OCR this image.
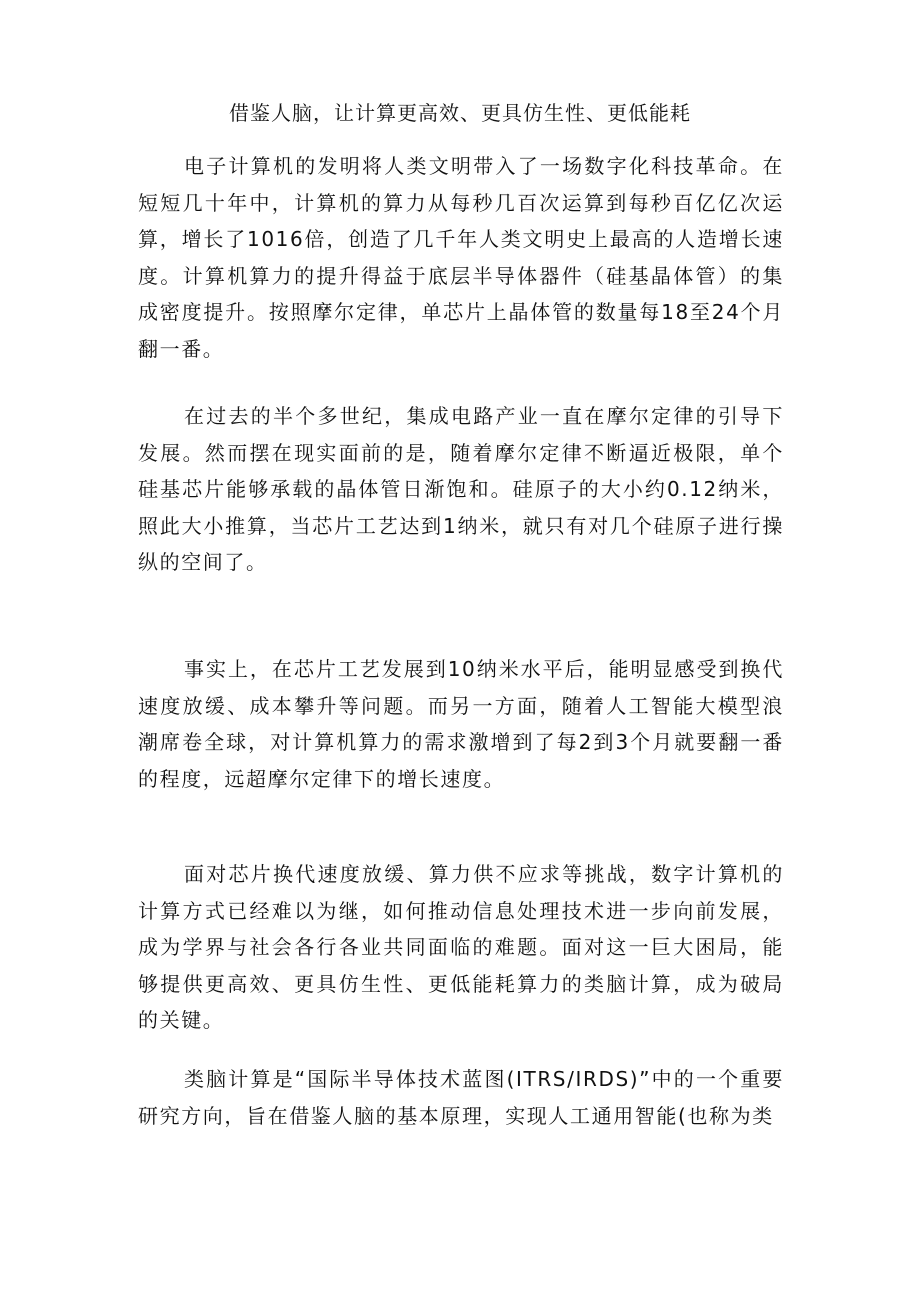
借鉴人脑，让计算更高效、更具仿生性、更低能耗

电子计算机的发明将人类文明带入了一场数字化科技革命。在短短几十年中，计算机的算力从每秒几百次运算到每秒百亿亿次运算，增长了1016倍，创造了几千年人类文明史上最高的人造增长速度。计算机算力的提升得益于底层半导体器件（硅基晶体管）的集成密度提升。按照摩尔定律，单芯片上晶体管的数量每18至24个月翻一番。

在过去的半个多世纪，集成电路产业一直在摩尔定律的引导下发展。然而摆在现实面前的是，随着摩尔定律不断逼近极限，单个硅基芯片能够承载的晶体管日渐饱和。硅原子的大小约0.12纳米，照此大小推算，当芯片工艺达到1纳米，就只有对几个硅原子进行操纵的空间了。

事实上，在芯片工艺发展到10纳米水平后，能明显感受到换代速度放缓、成本攀升等问题。而另一方面，随着人工智能大模型浪潮席卷全球，对计算机算力的需求激增到了每2到3个月就要翻一番的程度，远超摩尔定律下的增长速度。

面对芯片换代速度放缓、算力供不应求等挑战，数字计算机的计算方式已经难以为继，如何推动信息处理技术进一步向前发展，成为学界与社会各行各业共同面临的难题。面对这一巨大困局，能够提供更高效、更具仿生性、更低能耗算力的类脑计算，成为破局的关键。

类脑计算是“国际半导体技术蓝图(ITRS/IRDS)”中的一个重要研究方向，旨在借鉴人脑的基本原理，实现人工通用智能(也称为类
